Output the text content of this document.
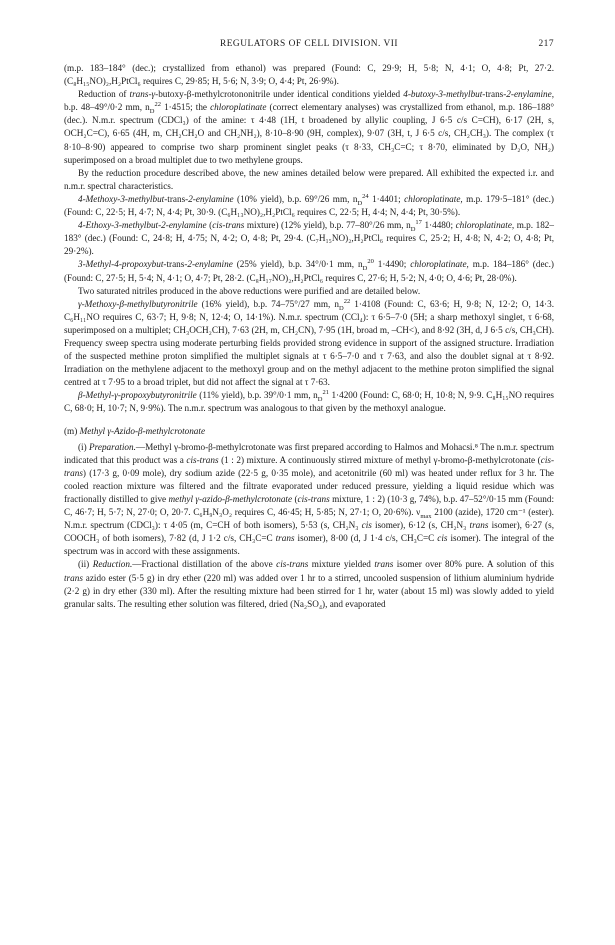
REGULATORS OF CELL DIVISION. VII	217

(m.p. 183–184° (dec.); crystallized from ethanol) was prepared (Found: C, 29·9; H, 5·8; N, 4·1; O, 4·8; Pt, 27·2. (C₈H₁₅NO)₂,H₂PtCl₆ requires C, 29·85; H, 5·6; N, 3·9; O, 4·4; Pt, 26·9%).

Reduction of trans-γ-butoxy-β-methylcrotononitrile under identical conditions yielded 4-butoxy-3-methylbut-trans-2-enylamine, b.p. 48–49°/0·2 mm, $n_D^{22}$ 1·4515; the chloroplatinate (correct elementary analyses) was crystallized from ethanol, m.p. 186–188° (dec.). N.m.r. spectrum (CDCl₃) of the amine: τ 4·48 (1H, t broadened by allylic coupling, J 6·5 c/s C=CH), 6·17 (2H, s, OCH₂C=C), 6·65 (4H, m, CH₂CH₂O and CH₂NH₂), 8·10–8·90 (9H, complex), 9·07 (3H, t, J 6·5 c/s, CH₂CH₃). The complex (τ 8·10–8·90) appeared to comprise two sharp prominent singlet peaks (τ 8·33, CH₃C=C; τ 8·70, eliminated by D₂O, NH₂) superimposed on a broad multiplet due to two methylene groups.

By the reduction procedure described above, the new amines detailed below were prepared. All exhibited the expected i.r. and n.m.r. spectral characteristics.

4-Methoxy-3-methylbut-trans-2-enylamine (10% yield), b.p. 69°/26 mm, $n_D^{24}$ 1·4401; chloroplatinate, m.p. 179·5–181° (dec.) (Found: C, 22·5; H, 4·7; N, 4·4; Pt, 30·9. (C₆H₁₃NO)₂,H₂PtCl₆ requires C, 22·5; H, 4·4; N, 4·4; Pt, 30·5%).

4-Ethoxy-3-methylbut-2-enylamine (cis-trans mixture) (12% yield), b.p. 77–80°/26 mm, $n_D^{17}$ 1·4480; chloroplatinate, m.p. 182–183° (dec.) (Found: C, 24·8; H, 4·75; N, 4·2; O, 4·8; Pt, 29·4. (C₇H₁₅NO)₂,H₂PtCl₆ requires C, 25·2; H, 4·8; N, 4·2; O, 4·8; Pt, 29·2%).

3-Methyl-4-propoxybut-trans-2-enylamine (25% yield), b.p. 34°/0·1 mm, $n_D^{20}$ 1·4490; chloroplatinate, m.p. 184–186° (dec.) (Found: C, 27·5; H, 5·4; N, 4·1; O, 4·7; Pt, 28·2. (C₈H₁₇NO)₂,H₂PtCl₆ requires C, 27·6; H, 5·2; N, 4·0; O, 4·6; Pt, 28·0%).

Two saturated nitriles produced in the above reductions were purified and are detailed below.

γ-Methoxy-β-methylbutyronitrile (16% yield), b.p. 74–75°/27 mm, $n_D^{22}$ 1·4108 (Found: C, 63·6; H, 9·8; N, 12·2; O, 14·3. C₆H₁₁NO requires C, 63·7; H, 9·8; N, 12·4; O, 14·1%). N.m.r. spectrum (CCl₄): τ 6·5–7·0 (5H; a sharp methoxyl singlet, τ 6·68, superimposed on a multiplet; CH₃OCH₂CH), 7·63 (2H, m, CH₂CN), 7·95 (1H, broad m, –CH<), and 8·92 (3H, d, J 6·5 c/s, CH₃CH). Frequency sweep spectra using moderate perturbing fields provided strong evidence in support of the assigned structure. Irradiation of the suspected methine proton simplified the multiplet signals at τ 6·5–7·0 and τ 7·63, and also the doublet signal at τ 8·92. Irradiation on the methylene adjacent to the methoxyl group and on the methyl adjacent to the methine proton simplified the signal centred at τ 7·95 to a broad triplet, but did not affect the signal at τ 7·63.

β-Methyl-γ-propoxybutyronitrile (11% yield), b.p. 39°/0·1 mm, $n_D^{21}$ 1·4200 (Found: C, 68·0; H, 10·8; N, 9·9. C₈H₁₅NO requires C, 68·0; H, 10·7; N, 9·9%). The n.m.r. spectrum was analogous to that given by the methoxyl analogue.

(m) Methyl γ-Azido-β-methylcrotonate

(i) Preparation.—Methyl γ-bromo-β-methylcrotonate was first prepared according to Halmos and Mohacsi.⁸ The n.m.r. spectrum indicated that this product was a cis-trans (1 : 2) mixture. A continuously stirred mixture of methyl γ-bromo-β-methylcrotonate (cis-trans) (17·3 g, 0·09 mole), dry sodium azide (22·5 g, 0·35 mole), and acetonitrile (60 ml) was heated under reflux for 3 hr. The cooled reaction mixture was filtered and the filtrate evaporated under reduced pressure, yielding a liquid residue which was fractionally distilled to give methyl γ-azido-β-methylcrotonate (cis-trans mixture, 1 : 2) (10·3 g, 74%), b.p. 47–52°/0·15 mm (Found: C, 46·7; H, 5·7; N, 27·0; O, 20·7. C₆H₉N₃O₂ requires C, 46·45; H, 5·85; N, 27·1; O, 20·6%). $\nu_{max}$ 2100 (azide), 1720 cm⁻¹ (ester). N.m.r. spectrum (CDCl₃): τ 4·05 (m, C=CH of both isomers), 5·53 (s, CH₂N₃ cis isomer), 6·12 (s, CH₂N₃ trans isomer), 6·27 (s, COOCH₃ of both isomers), 7·82 (d, J 1·2 c/s, CH₃C=C trans isomer), 8·00 (d, J 1·4 c/s, CH₃C=C cis isomer). The integral of the spectrum was in accord with these assignments.

(ii) Reduction.—Fractional distillation of the above cis-trans mixture yielded trans isomer over 80% pure. A solution of this trans azido ester (5·5 g) in dry ether (220 ml) was added over 1 hr to a stirred, uncooled suspension of lithium aluminium hydride (2·2 g) in dry ether (330 ml). After the resulting mixture had been stirred for 1 hr, water (about 15 ml) was slowly added to yield granular salts. The resulting ether solution was filtered, dried (Na₂SO₄), and evaporated
